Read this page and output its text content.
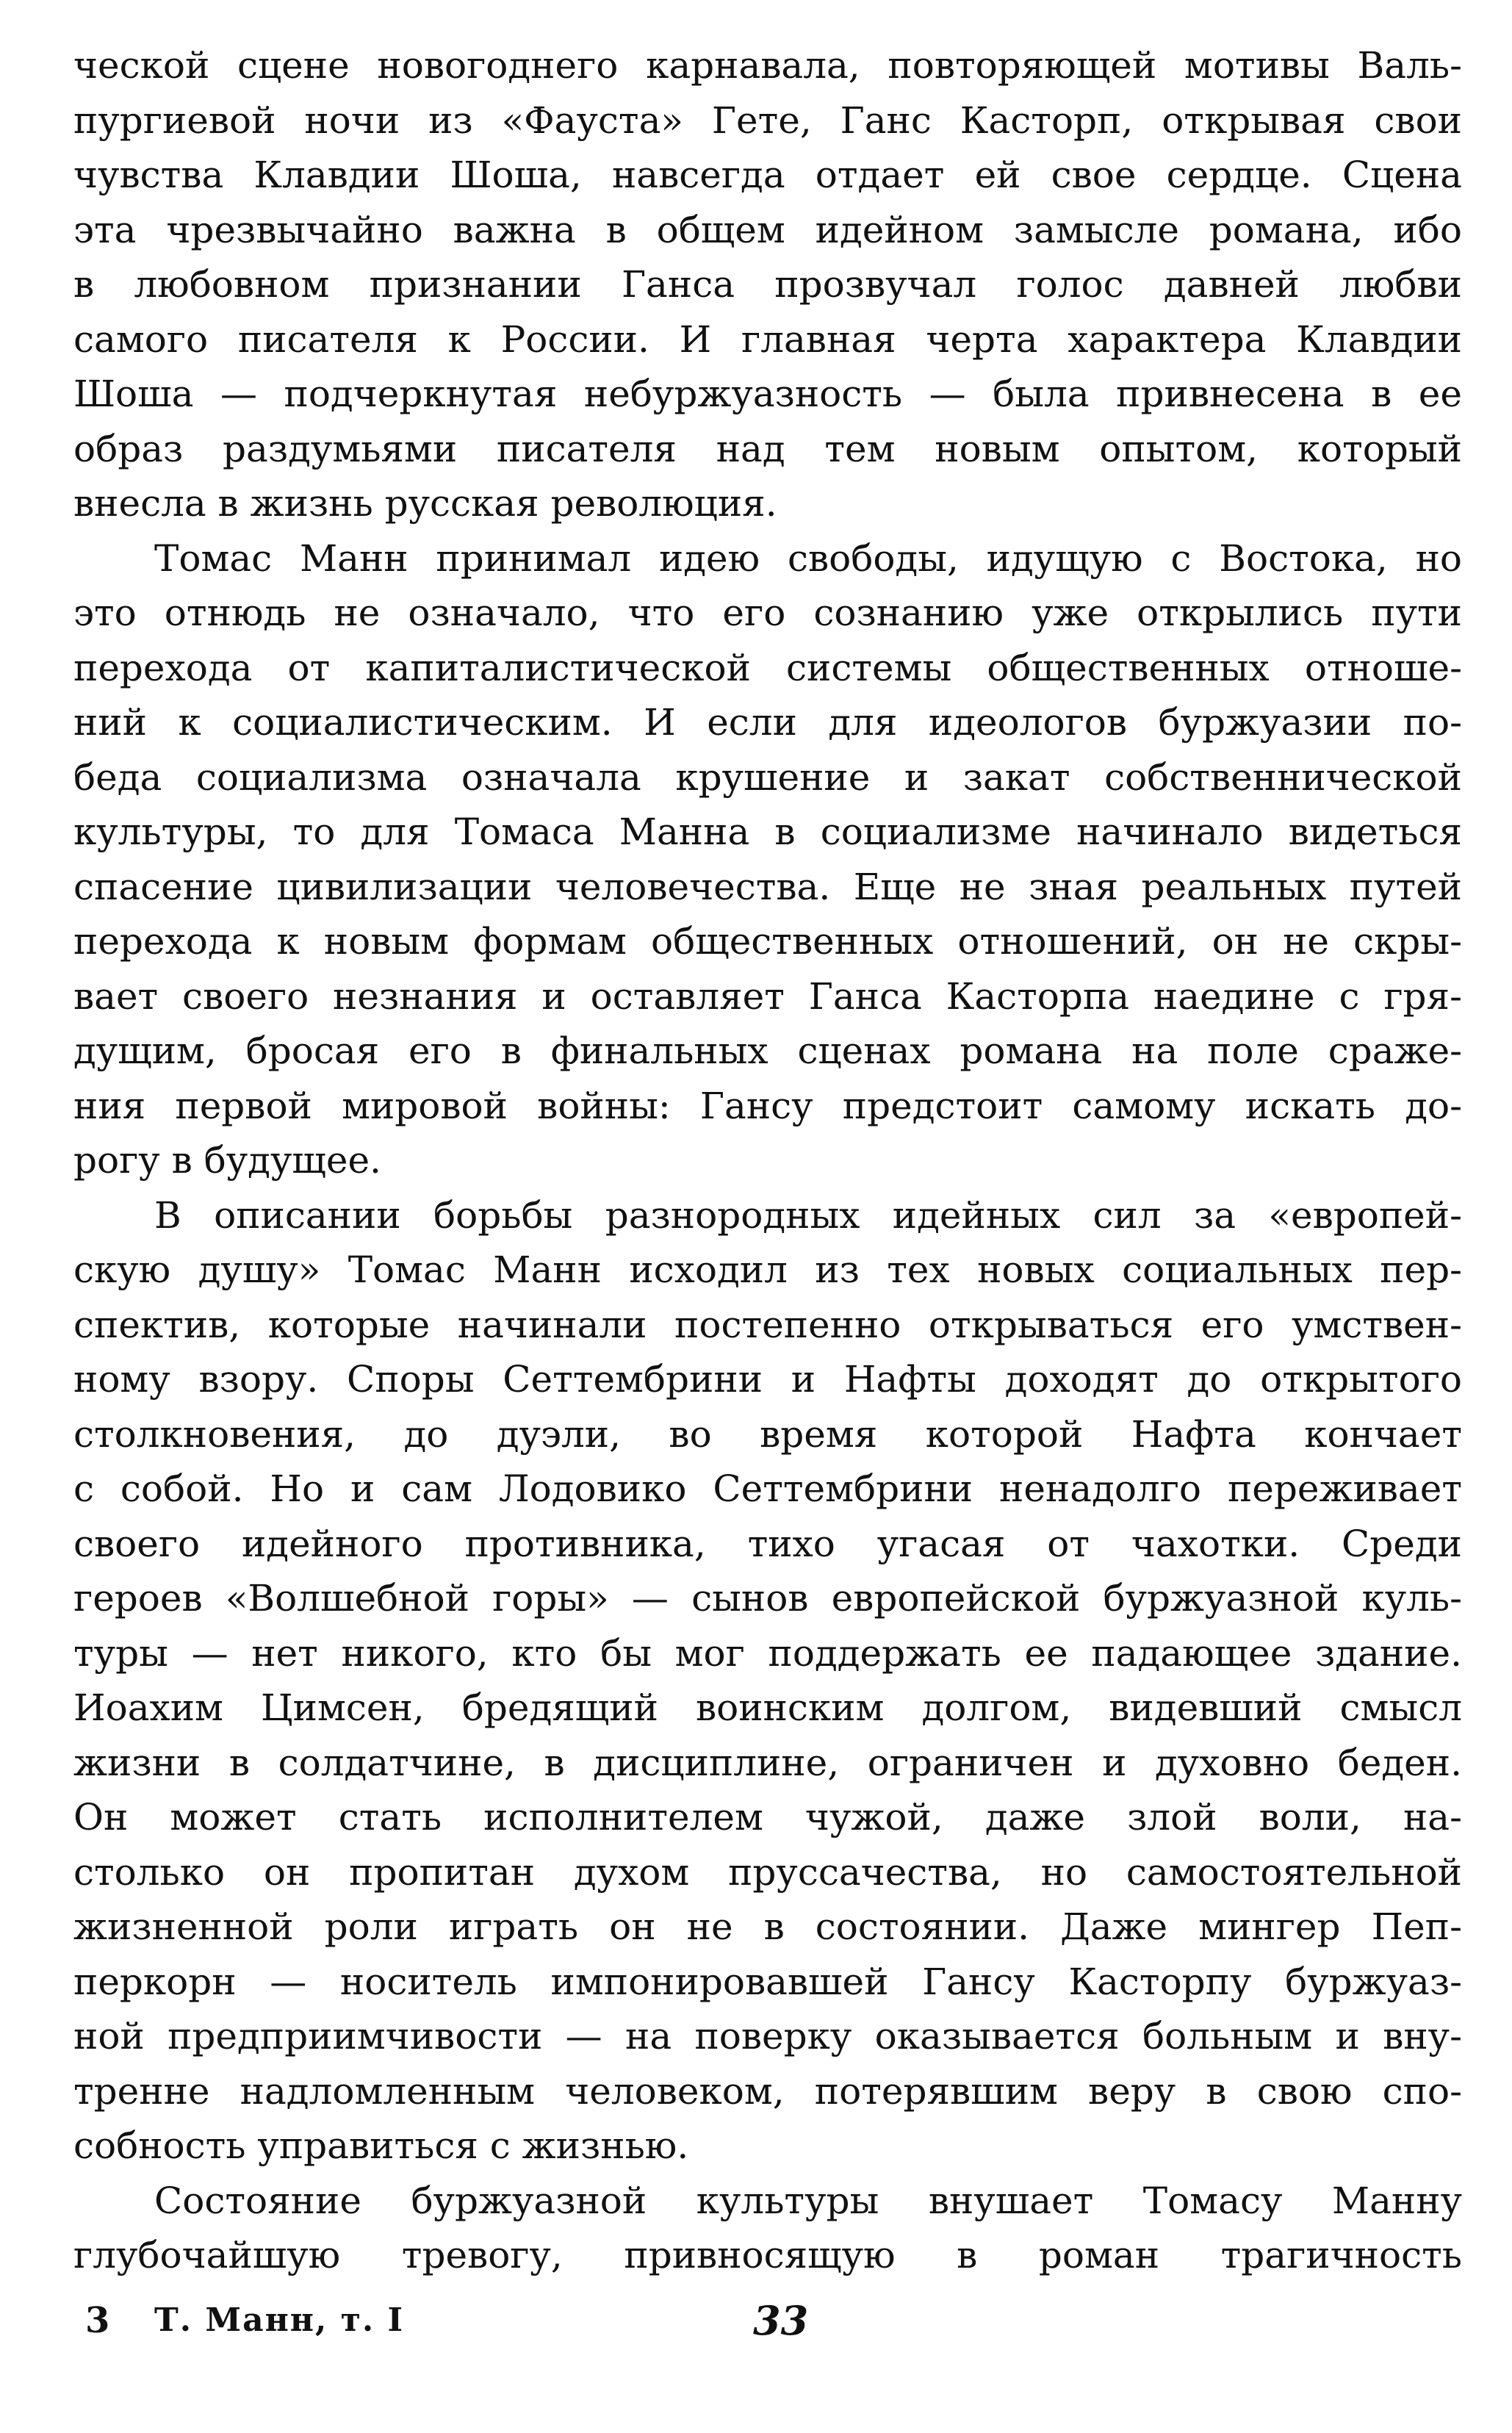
ческой сцене новогоднего карнавала, повторяющей мотивы Валь-
пургиевой ночи из «Фауста» Гете, Ганс Касторп, открывая свои
чувства Клавдии Шоша, навсегда отдает ей свое сердце. Сцена
эта чрезвычайно важна в общем идейном замысле романа, ибо
в любовном признании Ганса прозвучал голос давней любви
самого писателя к России. И главная черта характера Клавдии
Шоша — подчеркнутая небуржуазность — была привнесена в ее
образ раздумьями писателя над тем новым опытом, который
внесла в жизнь русская революция.
Томас Манн принимал идею свободы, идущую с Востока, но
это отнюдь не означало, что его сознанию уже открылись пути
перехода от капиталистической системы общественных отноше-
ний к социалистическим. И если для идеологов буржуазии по-
беда социализма означала крушение и закат собственнической
культуры, то для Томаса Манна в социализме начинало видеться
спасение цивилизации человечества. Еще не зная реальных путей
перехода к новым формам общественных отношений, он не скры-
вает своего незнания и оставляет Ганса Касторпа наедине с гря-
дущим, бросая его в финальных сценах романа на поле сраже-
ния первой мировой войны: Гансу предстоит самому искать до-
рогу в будущее.
В описании борьбы разнородных идейных сил за «европей-
скую душу» Томас Манн исходил из тех новых социальных пер-
спектив, которые начинали постепенно открываться его умствен-
ному взору. Споры Сеттембрини и Нафты доходят до открытого
столкновения, до дуэли, во время которой Нафта кончает
с собой. Но и сам Лодовико Сеттембрини ненадолго переживает
своего идейного противника, тихо угасая от чахотки. Среди
героев «Волшебной горы» — сынов европейской буржуазной куль-
туры — нет никого, кто бы мог поддержать ее падающее здание.
Иоахим Цимсен, бредящий воинским долгом, видевший смысл
жизни в солдатчине, в дисциплине, ограничен и духовно беден.
Он может стать исполнителем чужой, даже злой воли, на-
столько он пропитан духом пруссачества, но самостоятельной
жизненной роли играть он не в состоянии. Даже мингер Пеп-
перкорн — носитель импонировавшей Гансу Касторпу буржуаз-
ной предприимчивости — на поверку оказывается больным и вну-
тренне надломленным человеком, потерявшим веру в свою спо-
собность управиться с жизнью.
Состояние буржуазной культуры внушает Томасу Манну
глубочайшую тревогу, привносящую в роман трагичность
3 Т. Манн, т. I	33
